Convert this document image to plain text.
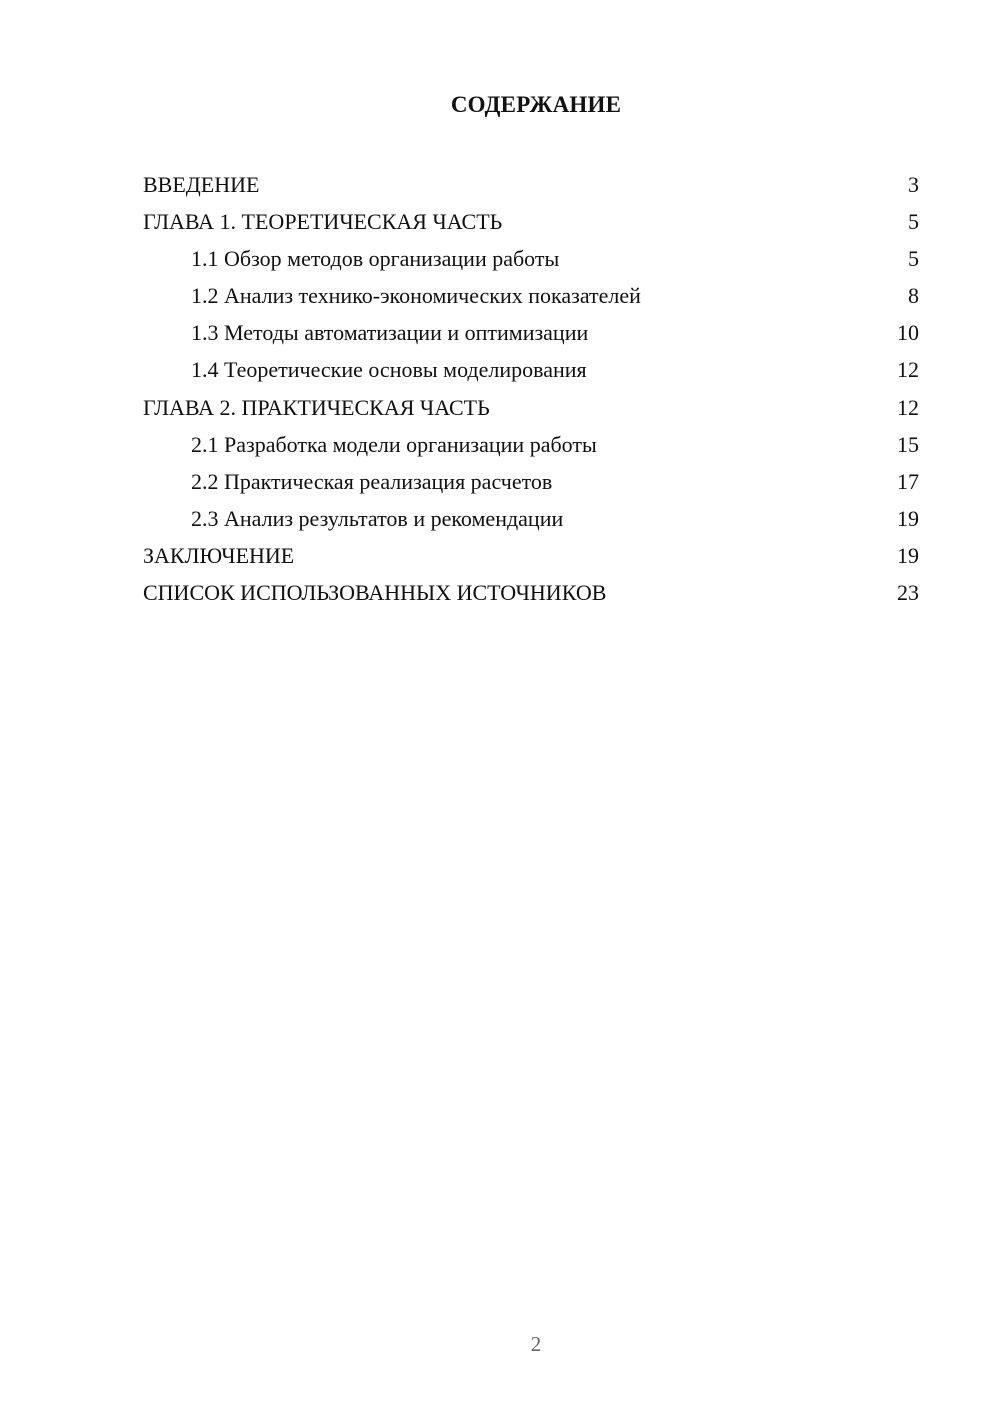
СОДЕРЖАНИЕ
ВВЕДЕНИЕ	3
ГЛАВА 1. ТЕОРЕТИЧЕСКАЯ ЧАСТЬ	5
1.1 Обзор методов организации работы	5
1.2 Анализ технико-экономических показателей	8
1.3 Методы автоматизации и оптимизации	10
1.4 Теоретические основы моделирования	12
ГЛАВА 2. ПРАКТИЧЕСКАЯ ЧАСТЬ	12
2.1 Разработка модели организации работы	15
2.2 Практическая реализация расчетов	17
2.3 Анализ результатов и рекомендации	19
ЗАКЛЮЧЕНИЕ	19
СПИСОК ИСПОЛЬЗОВАННЫХ ИСТОЧНИКОВ	23
2
